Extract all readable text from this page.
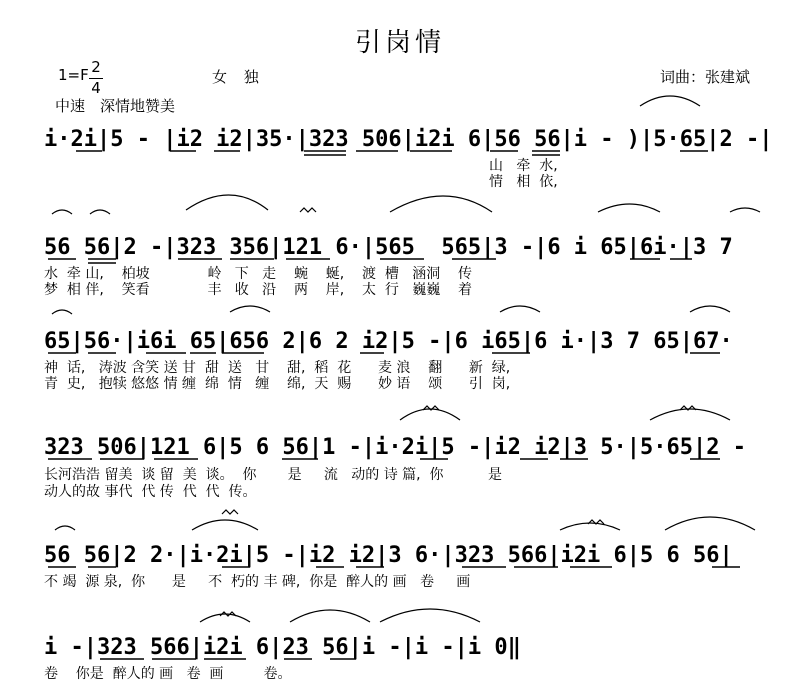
引岗情
1=F 2
4
女 独	词曲：张建斌
中速 深情地赞美
i·2i|5 - |i2 i2|35·|323 506|i2i 6|56 56|i - )|5·65|2 -|
山   牵  水,
情   相  依,
56 56|2 -|323 356|121 6·|565  565|3 -|6 i 65|6i·|3 7
水  牵 山,    柏坡             岭   下   走    蜿    蜒,    渡  槽   涵洞    传
梦  相 伴,    笑看             丰   收   沿    两    岸,    太  行   巍巍    着
65|56·|i6i 65|656 2|6 2 i2|5 -|6 i65|6 i·|3 7 65|67·
神  话,   涛波 含笑 送 甘  甜  送   甘    甜,  稻  花      麦 浪    翻      新  绿,
青  史,   抱犊 悠悠 情 缠  绵  情   缠    绵,  天  赐      妙 语    颂      引  岗,
323 506|121 6|5 6 56|1 -|i·2i|5 -|i2 i2|3 5·|5·65|2 -
长河浩浩 留美  谈 留  美  谈。  你       是     流   动的 诗 篇,  你          是
动人的故 事代  代 传  代  代  传。
56 56|2 2·|i·2i|5 -|i2 i2|3 6·|323 566|i2i 6|5 6 56|
不 竭  源 泉,  你      是     不  朽的 丰 碑,  你是  醉人的 画   卷     画
i -|323 566|i2i 6|23 56|i -|i -|i 0‖
卷    你是  醉人的 画   卷  画         卷。
